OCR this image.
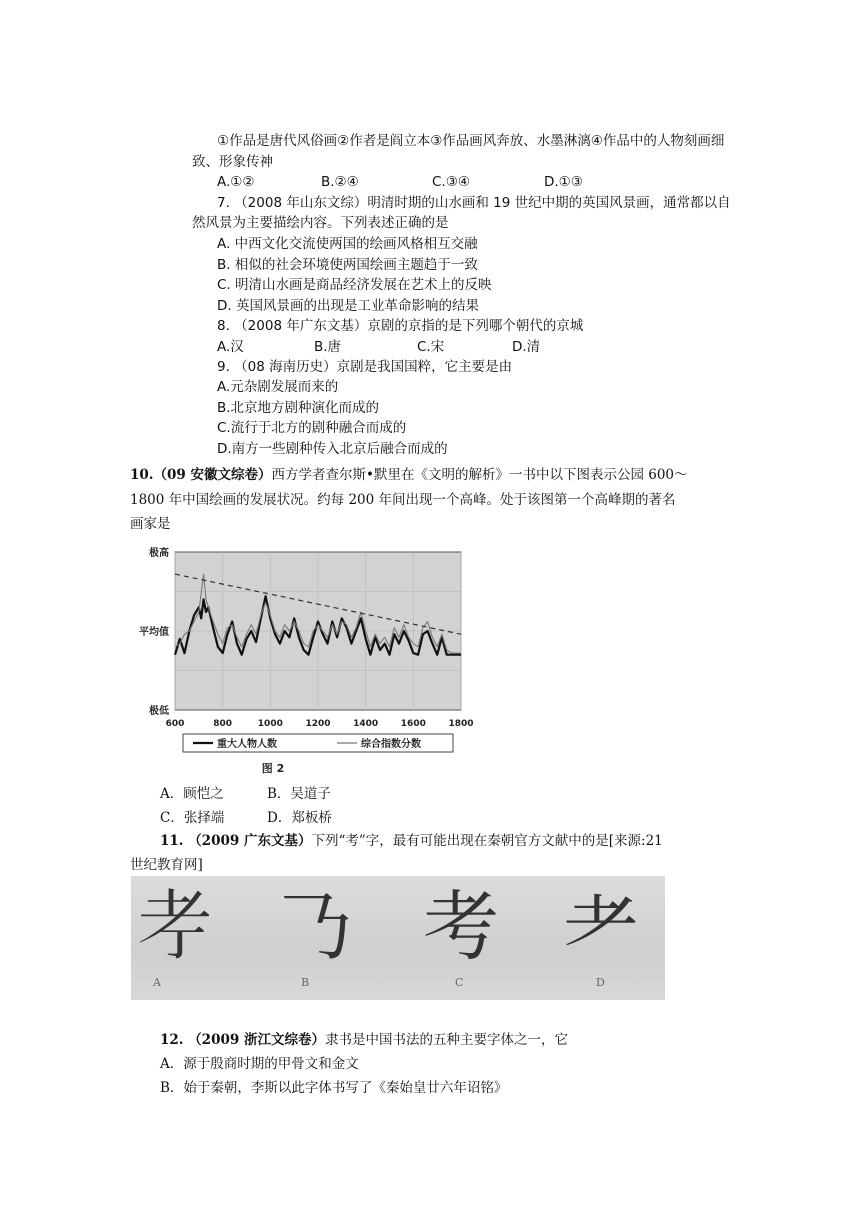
①作品是唐代风俗画②作者是阎立本③作品画风奔放、水墨淋漓④作品中的人物刻画细
致、形象传神
A.①②	B.②④	C.③④	D.①③
7. （2008 年山东文综）明清时期的山水画和 19 世纪中期的英国风景画，通常都以自
然风景为主要描绘内容。下列表述正确的是
A. 中西文化交流使两国的绘画风格相互交融
B. 相似的社会环境使两国绘画主题趋于一致
C. 明清山水画是商品经济发展在艺术上的反映
D. 英国风景画的出现是工业革命影响的结果
8. （2008 年广东文基）京剧的京指的是下列哪个朝代的京城
A.汉	B.唐	C.宋	D.清
9. （08 海南历史）京剧是我国国粹，它主要是由
A.元杂剧发展而来的
B.北京地方剧种演化而成的
C.流行于北方的剧种融合而成的
D.南方一些剧种传入北京后融合而成的
10.（09 安徽文综卷）西方学者查尔斯•默里在《文明的解析》一书中以下图表示公园 600～
1800 年中国绘画的发展状况。约每 200 年间出现一个高峰。处于该图第一个高峰期的著名
画家是
极高
平均值
极低
600	800	1000	1200	1400	1600	1800
重大人物人数	综合指数分数
图 2
A．顾恺之	B．吴道子
C．张择端	D．郑板桥
11. （2009 广东文基）下列“考”字，最有可能出现在秦朝官方文献中的是[来源:21
世纪教育网]
𦒱 𠄎 考 耂
A	B	C	D
12. （2009 浙江文综卷）隶书是中国书法的五种主要字体之一，它
A．源于殷商时期的甲骨文和金文
B．始于秦朝，李斯以此字体书写了《秦始皇廿六年诏铭》
